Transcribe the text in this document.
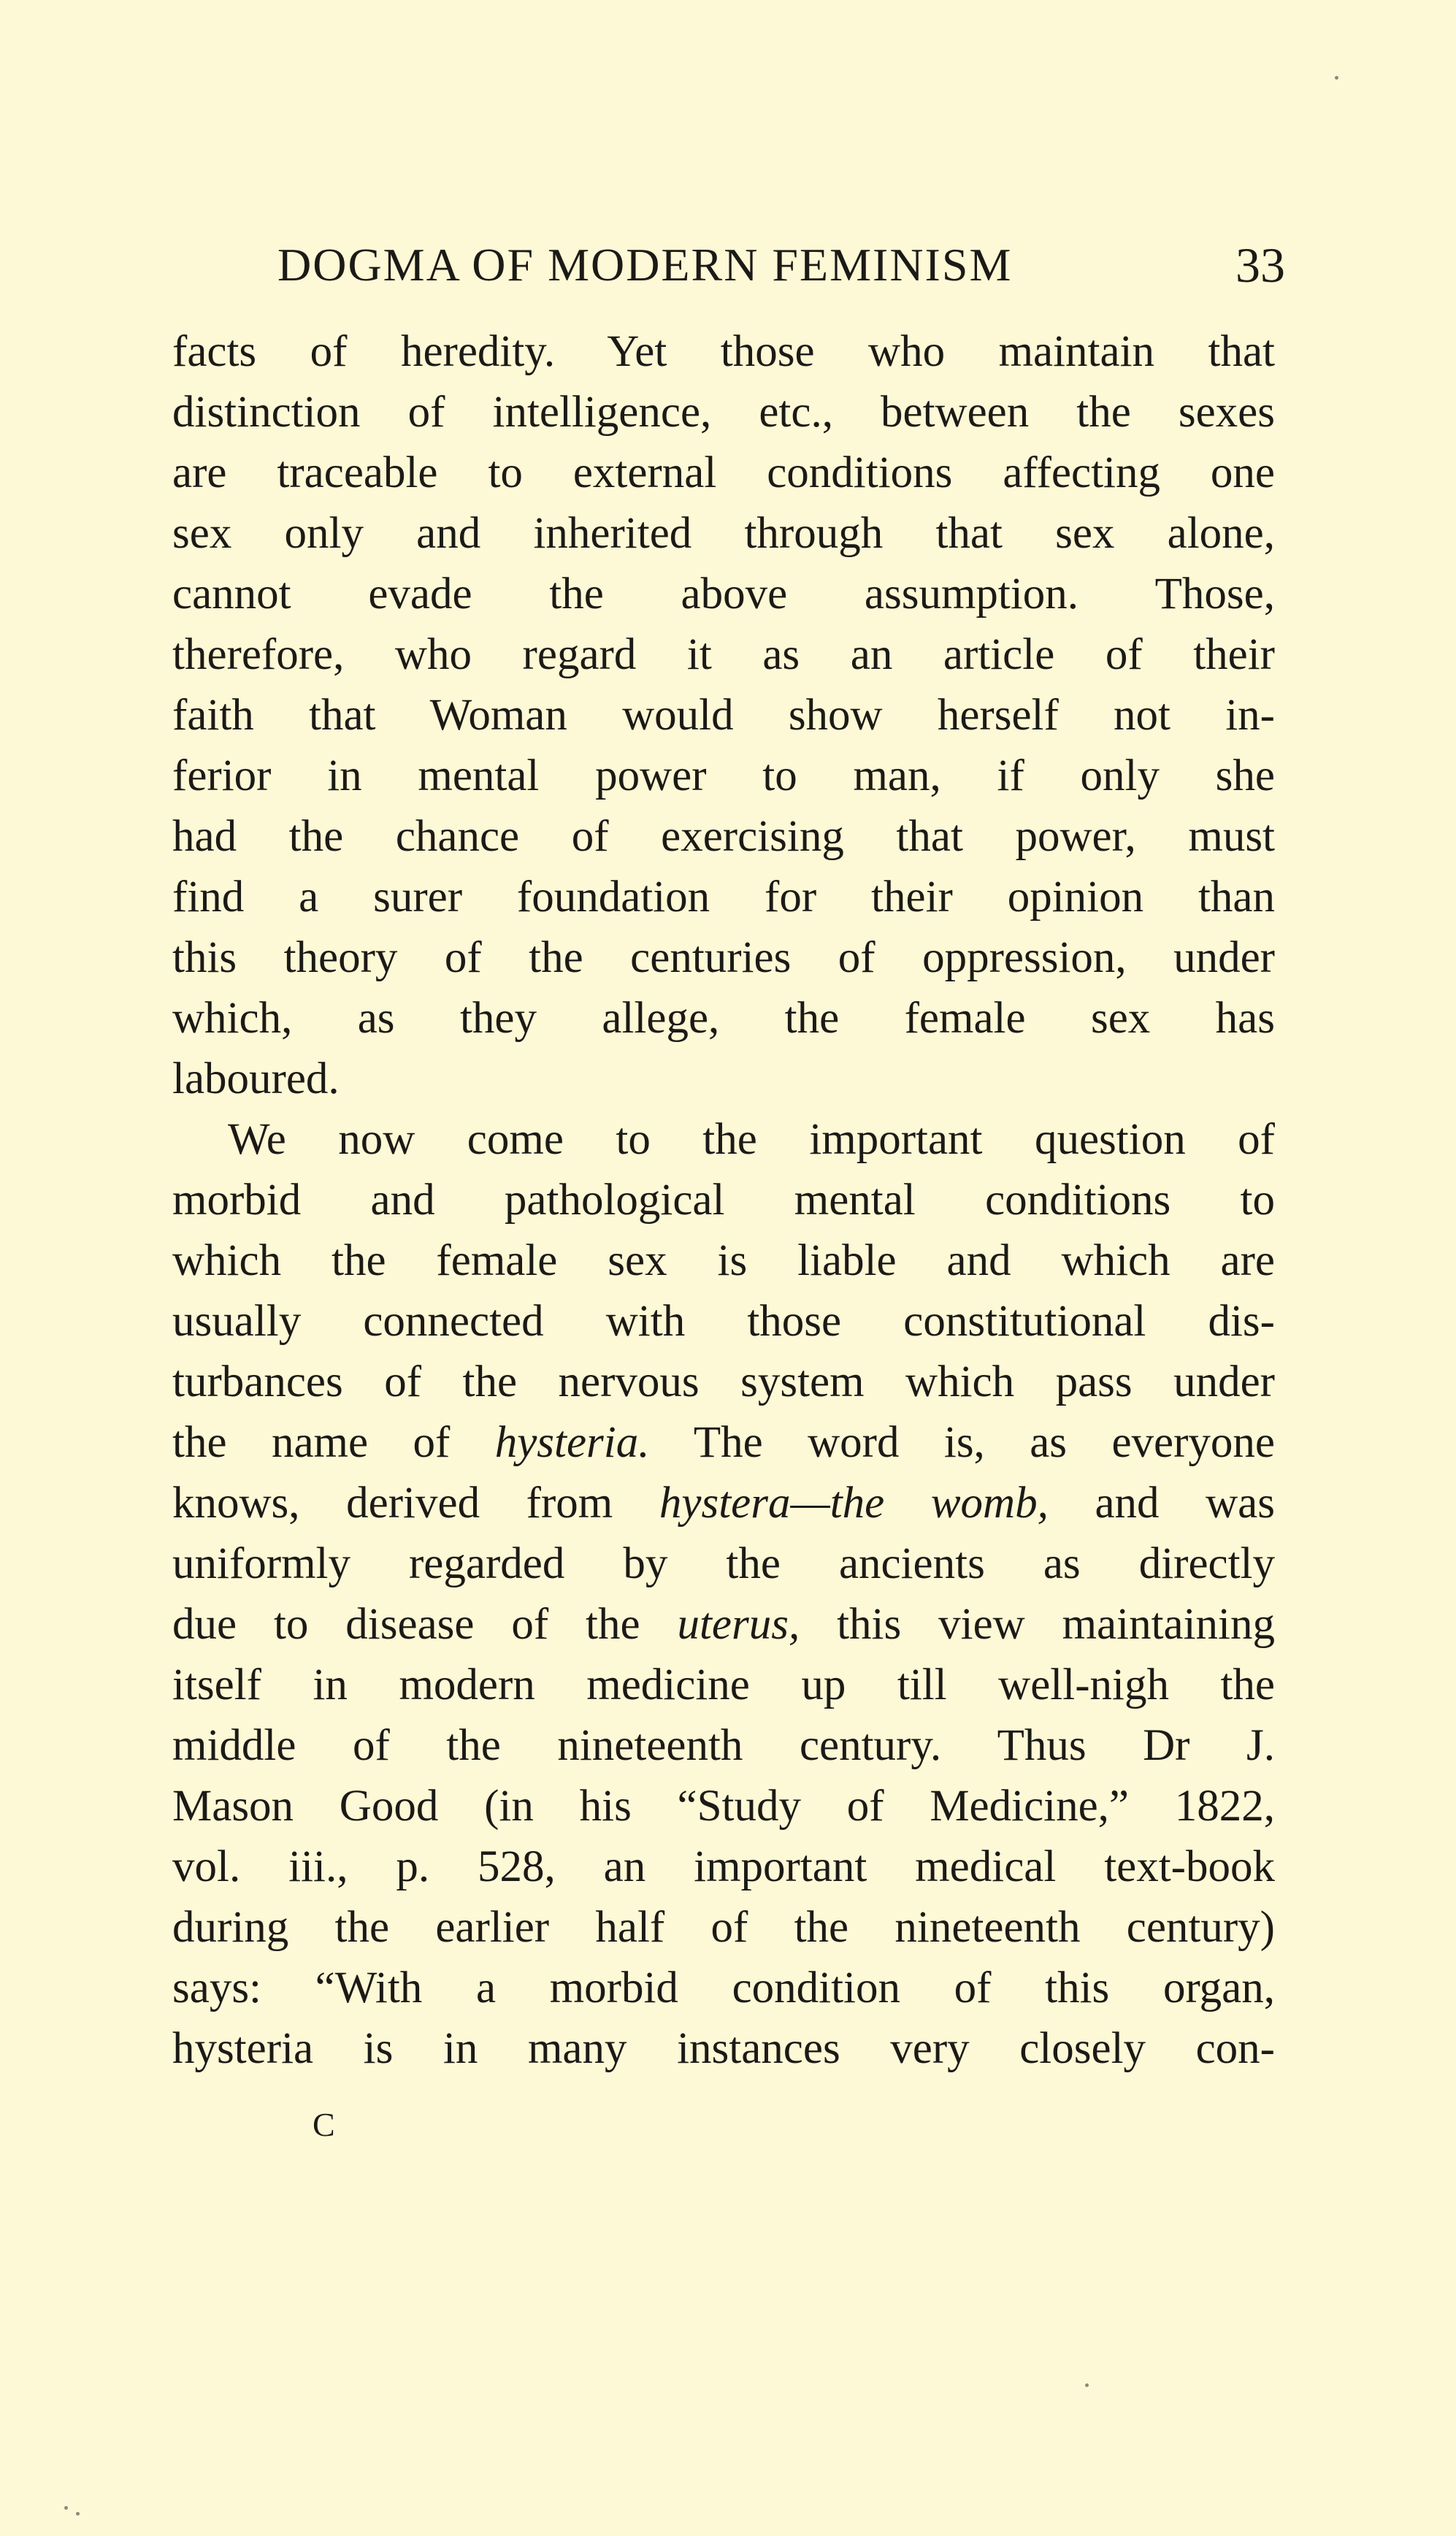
DOGMA OF MODERN FEMINISM	33
facts of heredity. Yet those who maintain that
distinction of intelligence, etc., between the sexes
are traceable to external conditions affecting one
sex only and inherited through that sex alone,
cannot evade the above assumption. Those,
therefore, who regard it as an article of their
faith that Woman would show herself not in-
ferior in mental power to man, if only she
had the chance of exercising that power, must
find a surer foundation for their opinion than
this theory of the centuries of oppression, under
which, as they allege, the female sex has
laboured.
We now come to the important question of
morbid and pathological mental conditions to
which the female sex is liable and which are
usually connected with those constitutional dis-
turbances of the nervous system which pass under
the name of hysteria. The word is, as everyone
knows, derived from hystera—the womb, and was
uniformly regarded by the ancients as directly
due to disease of the uterus, this view maintaining
itself in modern medicine up till well-nigh the
middle of the nineteenth century. Thus Dr J.
Mason Good (in his “Study of Medicine,” 1822,
vol. iii., p. 528, an important medical text-book
during the earlier half of the nineteenth century)
says: “With a morbid condition of this organ,
hysteria is in many instances very closely con-
C
